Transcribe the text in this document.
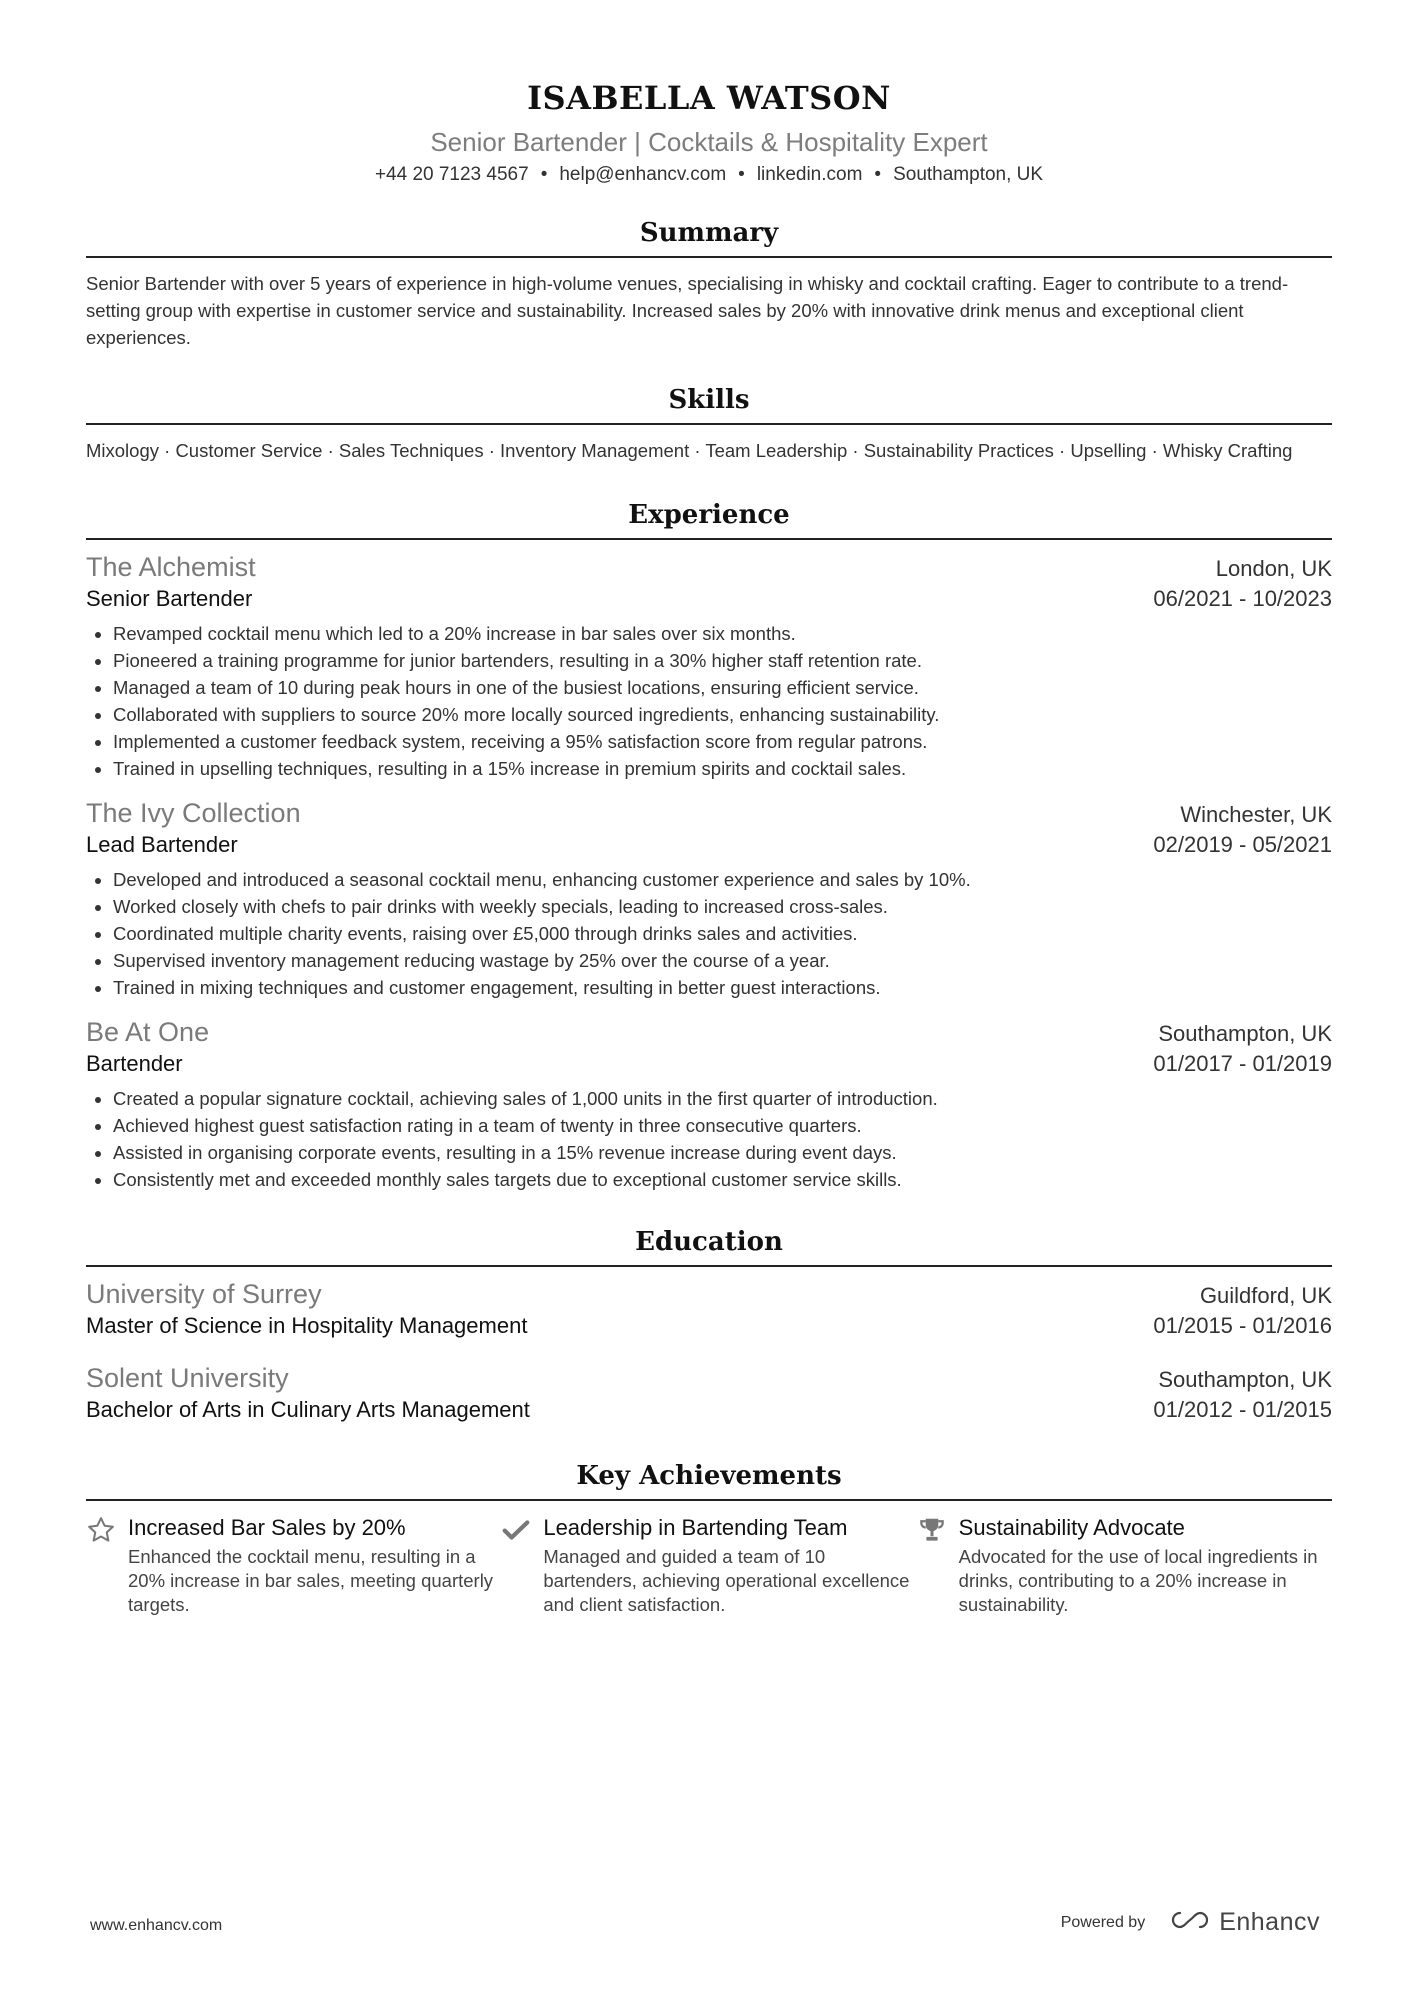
ISABELLA WATSON
Senior Bartender | Cocktails & Hospitality Expert
+44 20 7123 4567 • help@enhancv.com • linkedin.com • Southampton, UK
Summary
Senior Bartender with over 5 years of experience in high-volume venues, specialising in whisky and cocktail crafting. Eager to contribute to a trend-setting group with expertise in customer service and sustainability. Increased sales by 20% with innovative drink menus and exceptional client experiences.
Skills
Mixology · Customer Service · Sales Techniques · Inventory Management · Team Leadership · Sustainability Practices · Upselling · Whisky Crafting
Experience
The Alchemist	London, UK
Senior Bartender	06/2021 - 10/2023
• Revamped cocktail menu which led to a 20% increase in bar sales over six months.
• Pioneered a training programme for junior bartenders, resulting in a 30% higher staff retention rate.
• Managed a team of 10 during peak hours in one of the busiest locations, ensuring efficient service.
• Collaborated with suppliers to source 20% more locally sourced ingredients, enhancing sustainability.
• Implemented a customer feedback system, receiving a 95% satisfaction score from regular patrons.
• Trained in upselling techniques, resulting in a 15% increase in premium spirits and cocktail sales.
The Ivy Collection	Winchester, UK
Lead Bartender	02/2019 - 05/2021
• Developed and introduced a seasonal cocktail menu, enhancing customer experience and sales by 10%.
• Worked closely with chefs to pair drinks with weekly specials, leading to increased cross-sales.
• Coordinated multiple charity events, raising over £5,000 through drinks sales and activities.
• Supervised inventory management reducing wastage by 25% over the course of a year.
• Trained in mixing techniques and customer engagement, resulting in better guest interactions.
Be At One	Southampton, UK
Bartender	01/2017 - 01/2019
• Created a popular signature cocktail, achieving sales of 1,000 units in the first quarter of introduction.
• Achieved highest guest satisfaction rating in a team of twenty in three consecutive quarters.
• Assisted in organising corporate events, resulting in a 15% revenue increase during event days.
• Consistently met and exceeded monthly sales targets due to exceptional customer service skills.
Education
University of Surrey	Guildford, UK
Master of Science in Hospitality Management	01/2015 - 01/2016
Solent University	Southampton, UK
Bachelor of Arts in Culinary Arts Management	01/2012 - 01/2015
Key Achievements
Increased Bar Sales by 20%
Enhanced the cocktail menu, resulting in a 20% increase in bar sales, meeting quarterly targets.
Leadership in Bartending Team
Managed and guided a team of 10 bartenders, achieving operational excellence and client satisfaction.
Sustainability Advocate
Advocated for the use of local ingredients in drinks, contributing to a 20% increase in sustainability.
www.enhancv.com	Powered by	Enhancv
